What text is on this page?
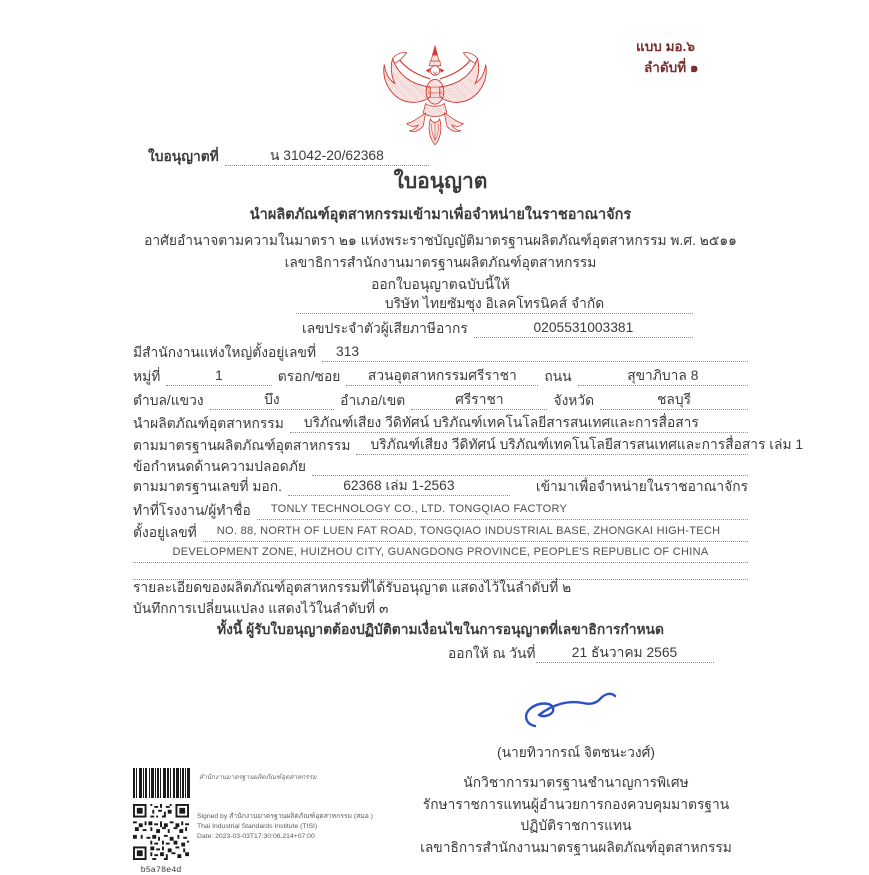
แบบ มอ.๖
ลำดับที่ ๑
ใบอนุญาตที่	น 31042-20/62368
ใบอนุญาต
นำผลิตภัณฑ์อุตสาหกรรมเข้ามาเพื่อจำหน่ายในราชอาณาจักร
อาศัยอำนาจตามความในมาตรา ๒๑ แห่งพระราชบัญญัติมาตรฐานผลิตภัณฑ์อุตสาหกรรม พ.ศ. ๒๕๑๑
เลขาธิการสำนักงานมาตรฐานผลิตภัณฑ์อุตสาหกรรม
ออกใบอนุญาตฉบับนี้ให้
บริษัท ไทยซัมซุง อิเลคโทรนิคส์ จำกัด
เลขประจำตัวผู้เสียภาษีอากร	0205531003381
มีสำนักงานแห่งใหญ่ตั้งอยู่เลขที่	313
หมู่ที่	1	ตรอก/ซอย	สวนอุตสาหกรรมศรีราชา	ถนน	สุขาภิบาล 8
ตำบล/แขวง	บึง	อำเภอ/เขต	ศรีราชา	จังหวัด	ชลบุรี
นำผลิตภัณฑ์อุตสาหกรรม	บริภัณฑ์เสียง วีดิทัศน์ บริภัณฑ์เทคโนโลยีสารสนเทศและการสื่อสาร
ตามมาตรฐานผลิตภัณฑ์อุตสาหกรรม	บริภัณฑ์เสียง วีดิทัศน์ บริภัณฑ์เทคโนโลยีสารสนเทศและการสื่อสาร เล่ม 1
ข้อกำหนดด้านความปลอดภัย
ตามมาตรฐานเลขที่ มอก.	62368 เล่ม 1-2563	เข้ามาเพื่อจำหน่ายในราชอาณาจักร
ทำที่โรงงาน/ผู้ทำชื่อ	TONLY TECHNOLOGY CO., LTD. TONGQIAO FACTORY
ตั้งอยู่เลขที่	NO. 88, NORTH OF LUEN FAT ROAD, TONGQIAO INDUSTRIAL BASE, ZHONGKAI HIGH-TECH
DEVELOPMENT ZONE, HUIZHOU CITY, GUANGDONG PROVINCE, PEOPLE'S REPUBLIC OF CHINA

รายละเอียดของผลิตภัณฑ์อุตสาหกรรมที่ได้รับอนุญาต แสดงไว้ในลำดับที่ ๒
บันทึกการเปลี่ยนแปลง แสดงไว้ในลำดับที่ ๓
ทั้งนี้ ผู้รับใบอนุญาตต้องปฏิบัติตามเงื่อนไขในการอนุญาตที่เลขาธิการกำหนด
ออกให้ ณ วันที่	21 ธันวาคม 2565
(นายทิวากรณ์ จิตชนะวงศ์)
นักวิชาการมาตรฐานชำนาญการพิเศษ
รักษาราชการแทนผู้อำนวยการกองควบคุมมาตรฐาน
ปฏิบัติราชการแทน
เลขาธิการสำนักงานมาตรฐานผลิตภัณฑ์อุตสาหกรรม
สำนักงานมาตรฐานผลิตภัณฑ์อุตสาหกรรม
b5a78e4d
Signed by สำนักงานมาตรฐานผลิตภัณฑ์อุตสาหกรรม (สมอ.)
Thai Industrial Standards Institute (TISI)
Date: 2023-03-03T17:30:06.214+07:00
